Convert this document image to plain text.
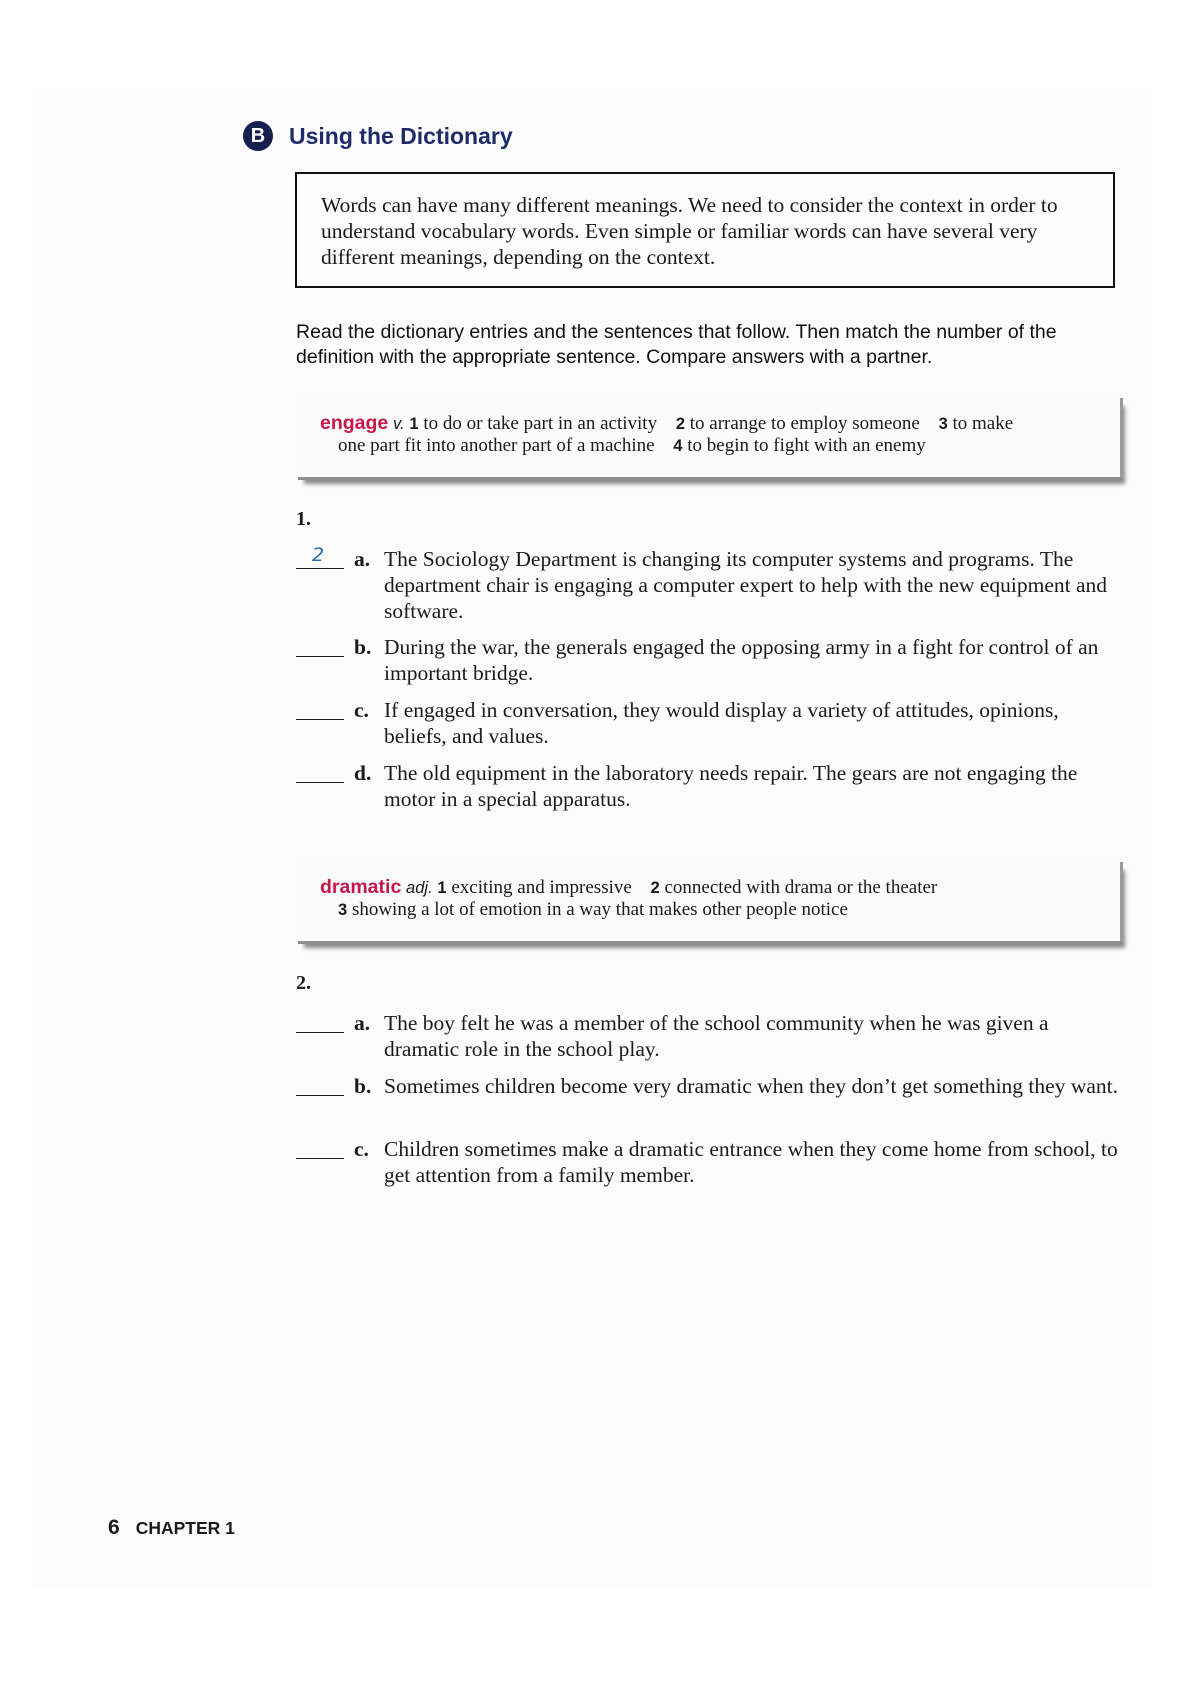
B	Using the Dictionary
Words can have many different meanings. We need to consider the context in order to understand vocabulary words. Even simple or familiar words can have several very different meanings, depending on the context.
Read the dictionary entries and the sentences that follow. Then match the number of the definition with the appropriate sentence. Compare answers with a partner.
engage v. 1 to do or take part in an activity 2 to arrange to employ someone 3 to make
one part fit into another part of a machine 4 to begin to fight with an enemy
1.
2 a. The Sociology Department is changing its computer systems and programs. The department chair is engaging a computer expert to help with the new equipment and software.
b. During the war, the generals engaged the opposing army in a fight for control of an important bridge.
c. If engaged in conversation, they would display a variety of attitudes, opinions, beliefs, and values.
d. The old equipment in the laboratory needs repair. The gears are not engaging the motor in a special apparatus.
dramatic adj. 1 exciting and impressive 2 connected with drama or the theater
3 showing a lot of emotion in a way that makes other people notice
2.
a. The boy felt he was a member of the school community when he was given a dramatic role in the school play.
b. Sometimes children become very dramatic when they don’t get something they want.
c. Children sometimes make a dramatic entrance when they come home from school, to get attention from a family member.
6 CHAPTER 1
